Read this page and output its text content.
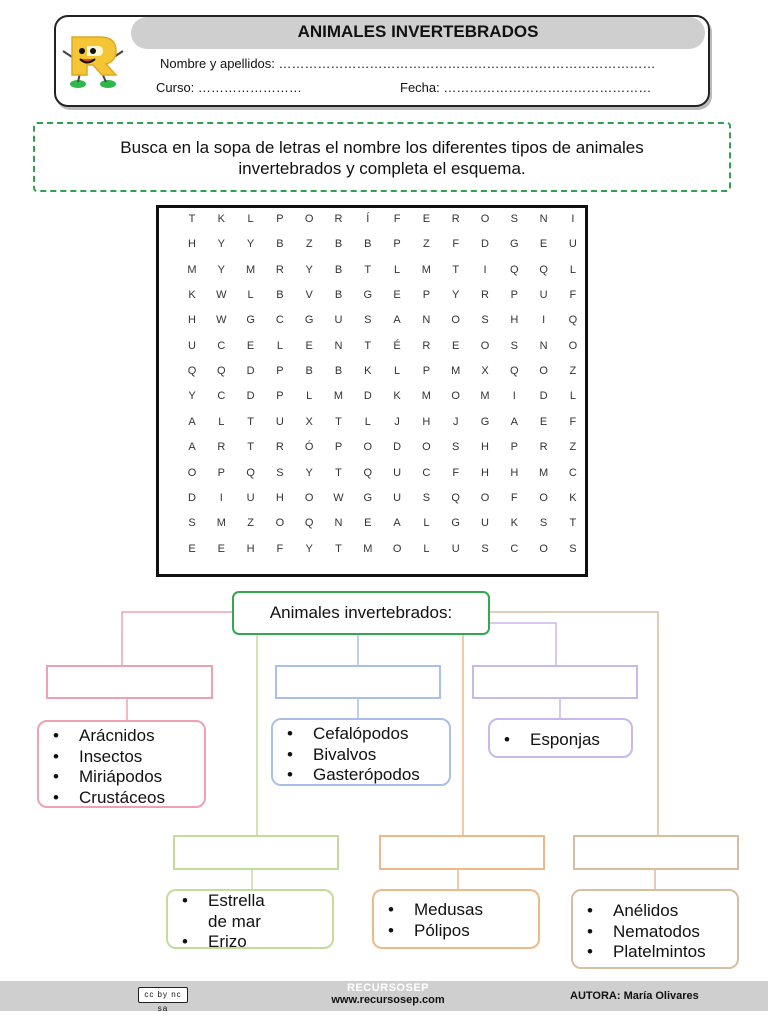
ANIMALES INVERTEBRADOS
Nombre y apellidos: ……………………………………………………………………………
Curso: ……………………	Fecha: …………………………………………
Busca en la sopa de letras el nombre los diferentes tipos de animales
invertebrados y completa el esquema.
T	K	L	P	O	R	Í	F	E	R	O	S	N	I
H	Y	Y	B	Z	B	B	P	Z	F	D	G	E	U
M	Y	M	R	Y	B	T	L	M	T	I	Q	Q	L
K	W	L	B	V	B	G	E	P	Y	R	P	U	F
H	W	G	C	G	U	S	A	N	O	S	H	I	Q
U	C	E	L	E	N	T	É	R	E	O	S	N	O
Q	Q	D	P	B	B	K	L	P	M	X	Q	O	Z
Y	C	D	P	L	M	D	K	M	O	M	I	D	L
A	L	T	U	X	T	L	J	H	J	G	A	E	F
A	R	T	R	Ó	P	O	D	O	S	H	P	R	Z
O	P	Q	S	Y	T	Q	U	C	F	H	H	M	C
D	I	U	H	O	W	G	U	S	Q	O	F	O	K
S	M	Z	O	Q	N	E	A	L	G	U	K	S	T
E	E	H	F	Y	T	M	O	L	U	S	C	O	S
Animales invertebrados:
• Arácnidos
• Insectos
• Miriápodos
• Crustáceos
• Cefalópodos
• Bivalvos
• Gasterópodos
• Esponjas
• Estrella de mar
• Erizo
• Medusas
• Pólipos
• Anélidos
• Nematodos
• Platelmintos
cc by nc sa
RECURSOSEP
www.recursosep.com	AUTORA: María Olivares
